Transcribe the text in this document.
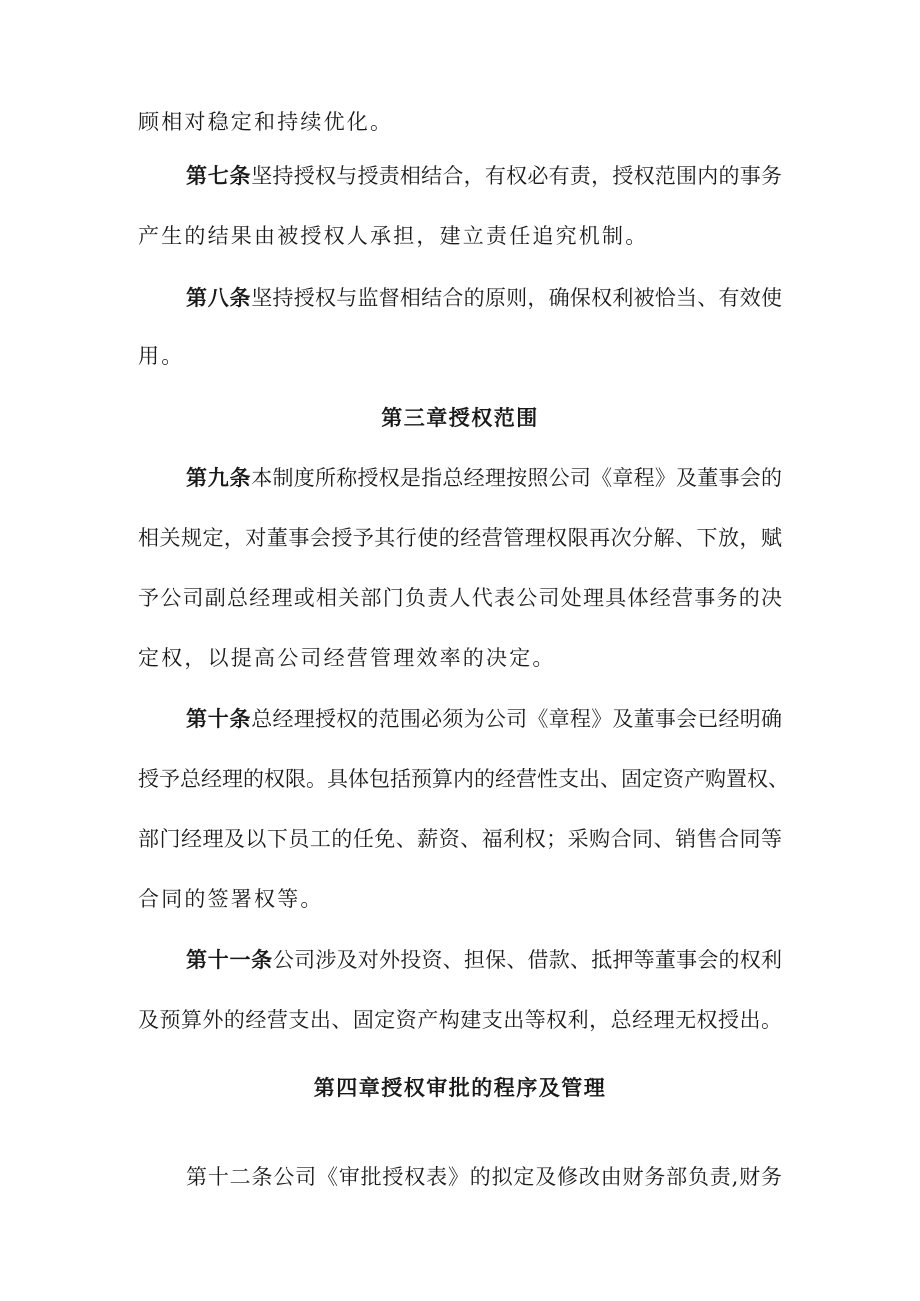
顾相对稳定和持续优化。
第七条坚持授权与授责相结合，有权必有责，授权范围内的事务
产生的结果由被授权人承担，建立责任追究机制。
第八条坚持授权与监督相结合的原则，确保权利被恰当、有效使
用。
第三章授权范围
第九条本制度所称授权是指总经理按照公司《章程》及董事会的
相关规定，对董事会授予其行使的经营管理权限再次分解、下放，赋
予公司副总经理或相关部门负责人代表公司处理具体经营事务的决
定权，以提高公司经营管理效率的决定。
第十条总经理授权的范围必须为公司《章程》及董事会已经明确
授予总经理的权限。具体包括预算内的经营性支出、固定资产购置权、
部门经理及以下员工的任免、薪资、福利权；采购合同、销售合同等
合同的签署权等。
第十一条公司涉及对外投资、担保、借款、抵押等董事会的权利
及预算外的经营支出、固定资产构建支出等权利，总经理无权授出。
第四章授权审批的程序及管理
第十二条公司《审批授权表》的拟定及修改由财务部负责,财务
